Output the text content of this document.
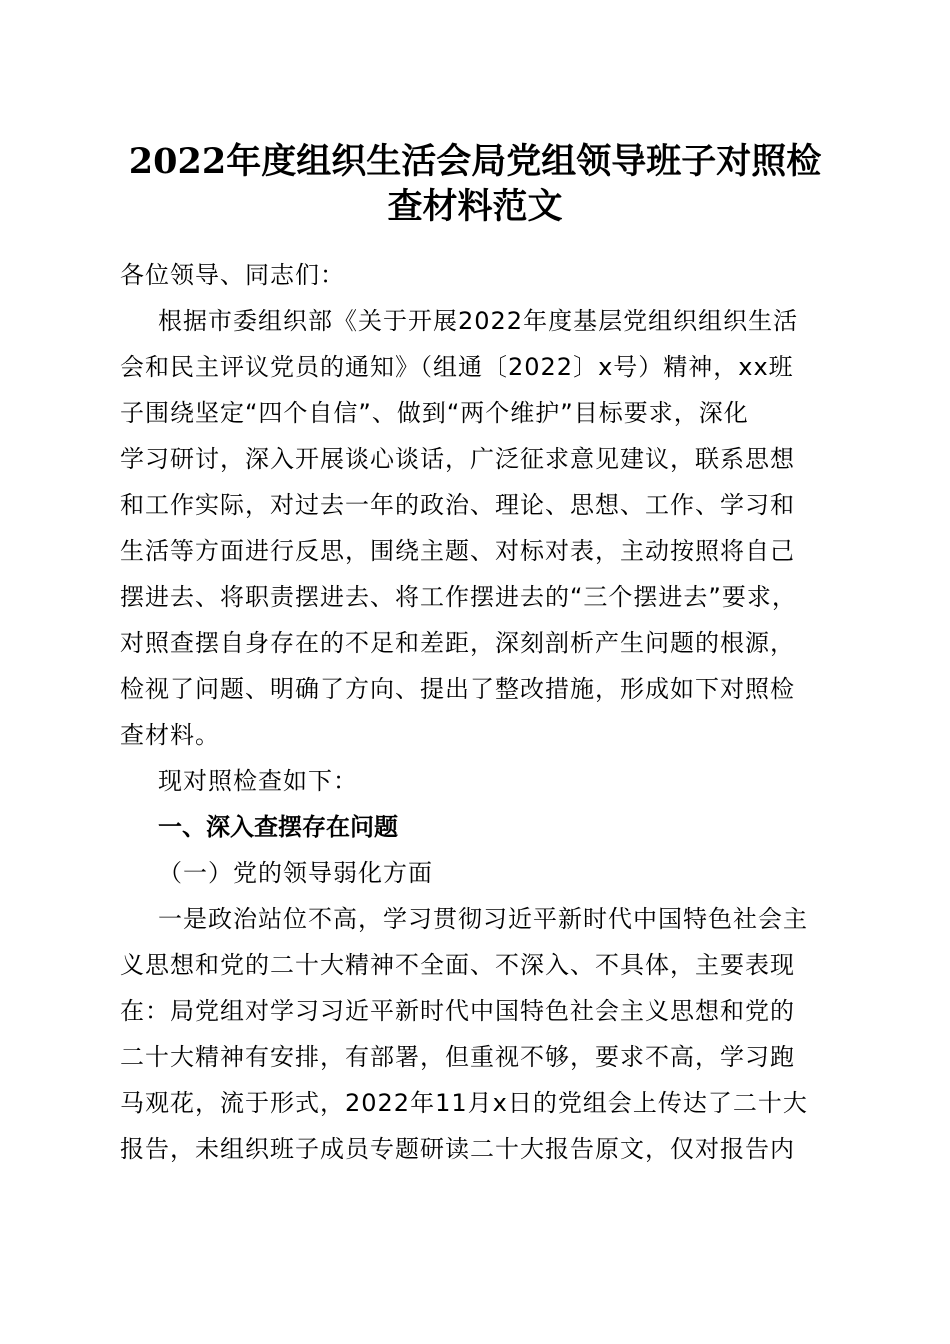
2022年度组织生活会局党组领导班子对照检
查材料范文
各位领导、同志们：
根据市委组织部《关于开展2022年度基层党组织组织生活
会和民主评议党员的通知》（组通〔2022〕x号）精神，xx班
子围绕坚定“四个自信”、做到“两个维护”目标要求，深化
学习研讨，深入开展谈心谈话，广泛征求意见建议，联系思想
和工作实际，对过去一年的政治、理论、思想、工作、学习和
生活等方面进行反思，围绕主题、对标对表，主动按照将自己
摆进去、将职责摆进去、将工作摆进去的“三个摆进去”要求，
对照查摆自身存在的不足和差距，深刻剖析产生问题的根源，
检视了问题、明确了方向、提出了整改措施，形成如下对照检
查材料。
现对照检查如下：
一、深入查摆存在问题
（一）党的领导弱化方面
一是政治站位不高，学习贯彻习近平新时代中国特色社会主
义思想和党的二十大精神不全面、不深入、不具体，主要表现
在：局党组对学习习近平新时代中国特色社会主义思想和党的
二十大精神有安排，有部署，但重视不够，要求不高，学习跑
马观花，流于形式，2022年11月x日的党组会上传达了二十大
报告，未组织班子成员专题研读二十大报告原文，仅对报告内
